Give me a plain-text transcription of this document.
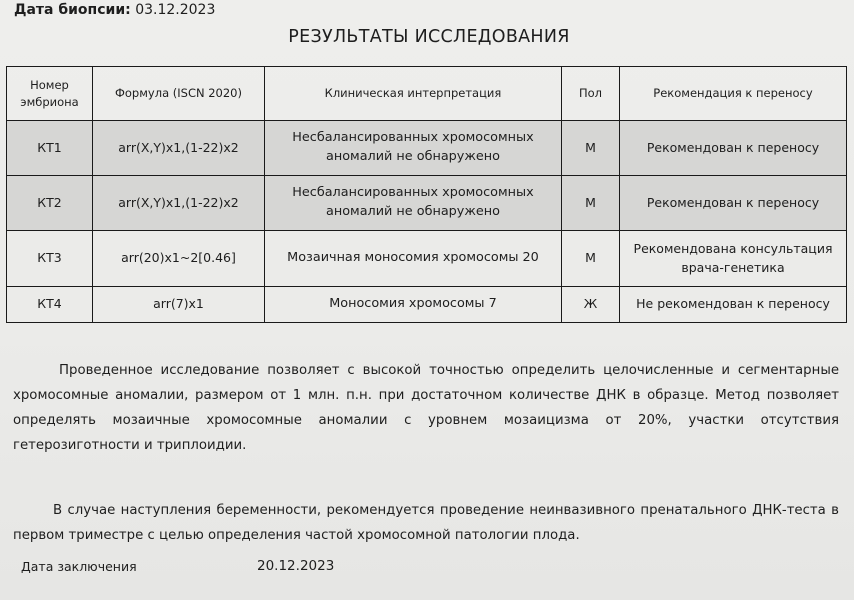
Дата биопсии: 03.12.2023
РЕЗУЛЬТАТЫ ИССЛЕДОВАНИЯ
Номер эмбриона	Формула (ISCN 2020)	Клиническая интерпретация	Пол	Рекомендация к переносу
КТ1	arr(X,Y)x1,(1-22)x2	Несбалансированных хромосомных аномалий не обнаружено	М	Рекомендован к переносу
КТ2	arr(X,Y)x1,(1-22)x2	Несбалансированных хромосомных аномалий не обнаружено	М	Рекомендован к переносу
КТ3	arr(20)x1~2[0.46]	Мозаичная моносомия хромосомы 20	М	Рекомендована консультация врача-генетика
КТ4	arr(7)x1	Моносомия хромосомы 7	Ж	Не рекомендован к переносу

Проведенное исследование позволяет с высокой точностью определить целочисленные и сегментарные хромосомные аномалии, размером от 1 млн. п.н. при достаточном количестве ДНК в образце. Метод позволяет определять мозаичные хромосомные аномалии с уровнем мозаицизма от 20%, участки отсутствия гетерозиготности и триплоидии.

В случае наступления беременности, рекомендуется проведение неинвазивного пренатального ДНК-теста в первом триместре с целью определения частой хромосомной патологии плода.

Дата заключения	20.12.2023
